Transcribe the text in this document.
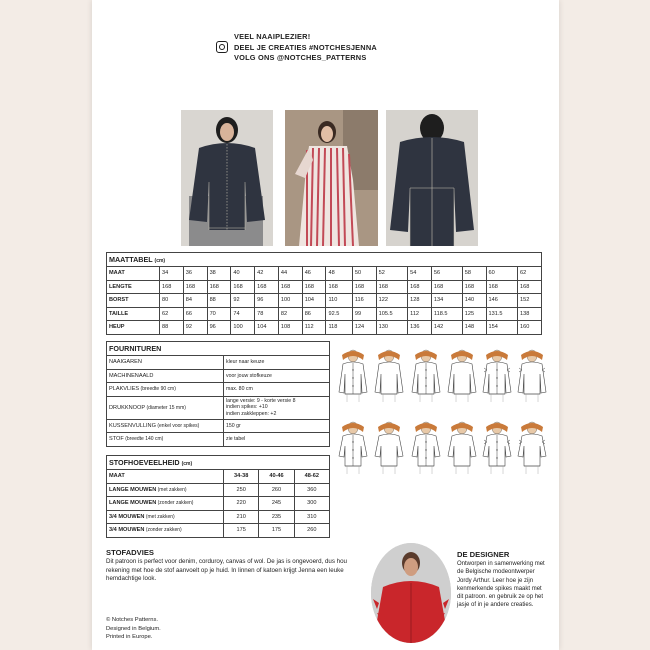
VEEL NAAIPLEZIER!
DEEL JE CREATIES #NOTCHESJENNA
VOLG ONS @NOTCHES_PATTERNS
MAATTABEL (cm)															
MAAT	34	36	38	40	42	44	46	48	50	52	54	56	58	60	62
LENGTE	168	168	168	168	168	168	168	168	168	168	168	168	168	168	168
BORST	80	84	88	92	96	100	104	110	116	122	128	134	140	146	152
TAILLE	62	66	70	74	78	82	86	92.5	99	105.5	112	118.5	125	131.5	138
HEUP	88	92	96	100	104	108	112	118	124	130	136	142	148	154	160
FOURNITUREN	
NAAIGAREN	kleur naar keuze
MACHINENAALD	voor jouw stofkeuze
PLAKVLIES (breedte 90 cm)	max. 80 cm
DRUKKNOOP (diameter 15 mm)	lange versie: 9 - korte versie 8
indien spikes: +10
indien zakkleppen: +2
KUSSENVULLING (enkel voor spikes)	150 gr
STOF (breedte 140 cm)	zie tabel
STOFHOEVEELHEID (cm)			
MAAT	34-38	40-46	48-62
LANGE MOUWEN (met zakken)	250	260	360
LANGE MOUWEN (zonder zakken)	220	245	300
3/4 MOUWEN (met zakken)	210	235	310
3/4 MOUWEN (zonder zakken)	175	175	260
STOFADVIES
Dit patroon is perfect voor denim, corduroy, canvas of wol. De jas is ongevoerd, dus hou rekening met hoe de stof aanvoelt op je huid. In linnen of katoen krijgt Jenna een leuke hemdachtige look.
© Notches Patterns.
Designed in Belgium.
Printed in Europe.
DE DESIGNER
Ontworpen in samenwerking met de Belgische modeontwerper Jordy Arthur. Leer hoe je zijn kenmerkende spikes maakt met dit patroon. en gebruik ze op het jasje of in je andere creaties.
